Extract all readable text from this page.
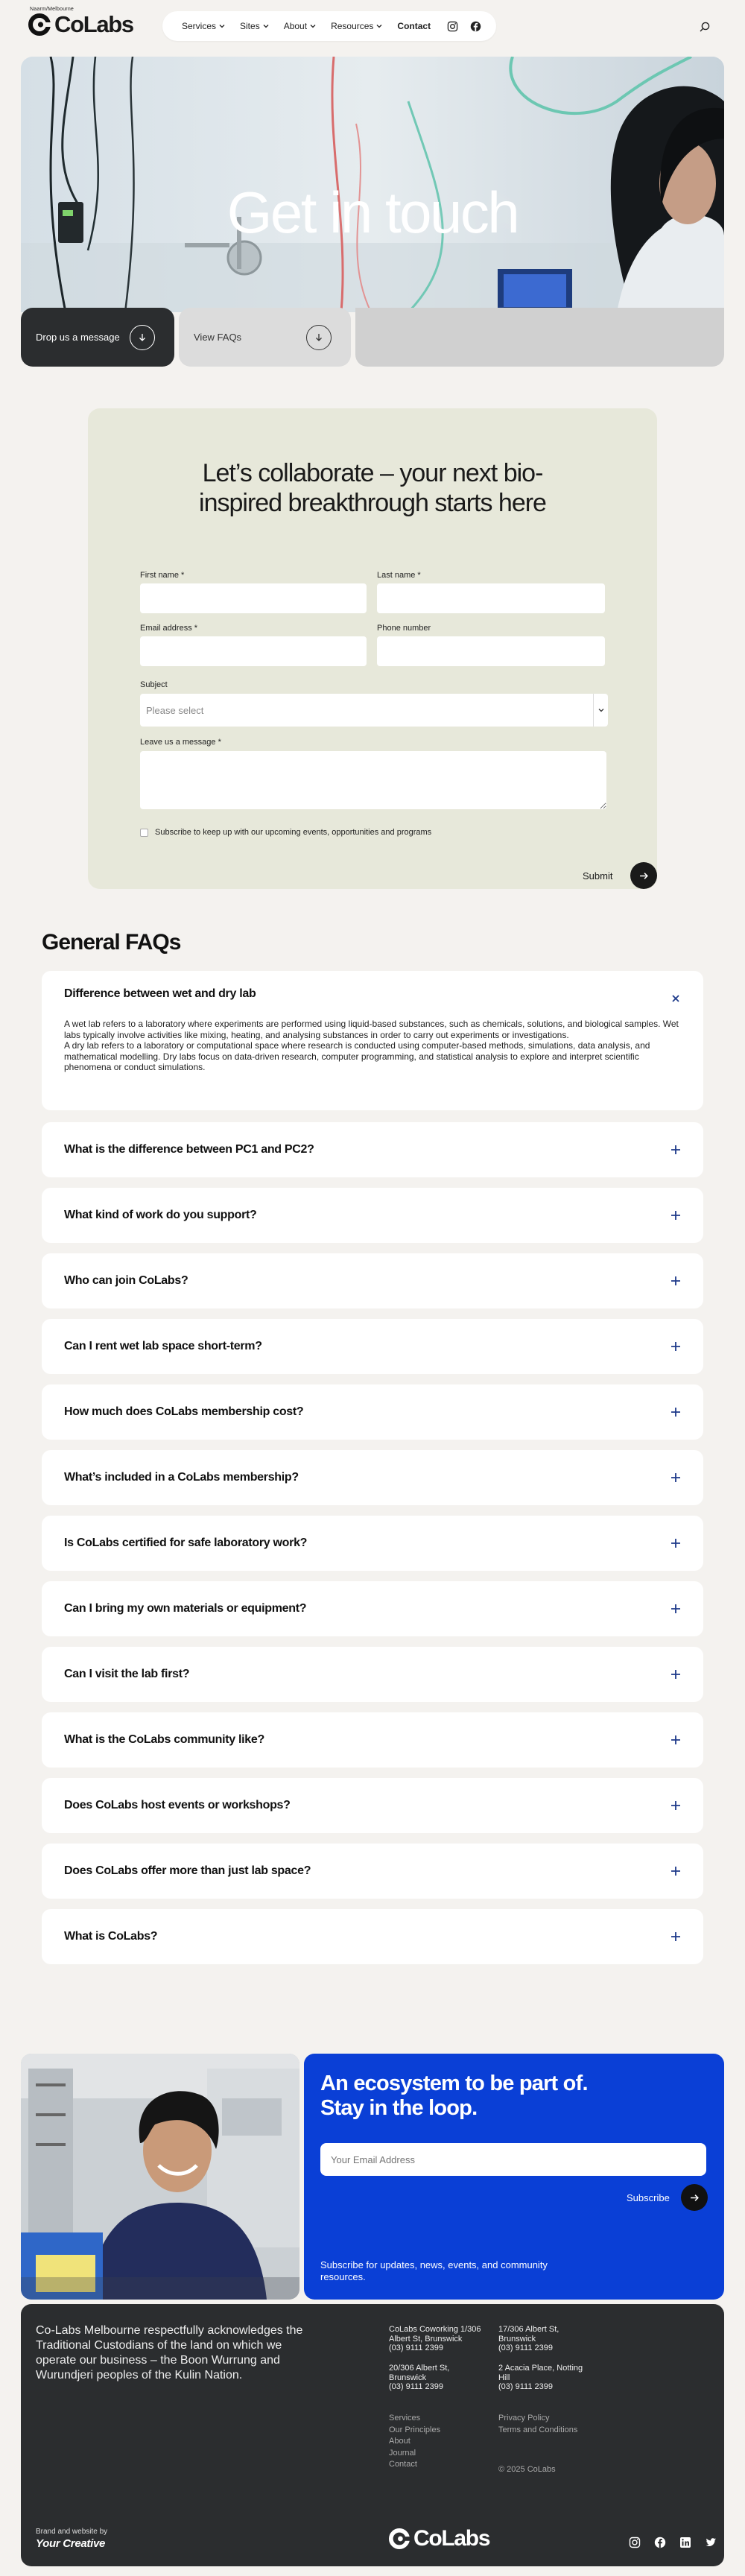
Naarm/Melbourne
CoLabs	Services	Sites	About	Resources	Contact
Get in touch
Drop us a message	View FAQs
Let’s collaborate – your next bio-
inspired breakthrough starts here
First name *	Last name *
Email address *	Phone number
Subject
Please select
Leave us a message *
Subscribe to keep up with our upcoming events, opportunities and programs
Submit
General FAQs
Difference between wet and dry lab
A wet lab refers to a laboratory where experiments are performed using liquid-based substances, such as chemicals, solutions, and biological samples. Wet labs typically involve activities like mixing, heating, and analysing substances in order to carry out experiments or investigations.
A dry lab refers to a laboratory or computational space where research is conducted using computer-based methods, simulations, data analysis, and mathematical modelling. Dry labs focus on data-driven research, computer programming, and statistical analysis to explore and interpret scientific phenomena or conduct simulations.
What is the difference between PC1 and PC2?
What kind of work do you support?
Who can join CoLabs?
Can I rent wet lab space short-term?
How much does CoLabs membership cost?
What’s included in a CoLabs membership?
Is CoLabs certified for safe laboratory work?
Can I bring my own materials or equipment?
Can I visit the lab first?
What is the CoLabs community like?
Does CoLabs host events or workshops?
Does CoLabs offer more than just lab space?
What is CoLabs?
An ecosystem to be part of.
Stay in the loop.
Your Email Address
Subscribe
Subscribe for updates, news, events, and community resources.
Co-Labs Melbourne respectfully acknowledges the Traditional Custodians of the land on which we operate our business – the Boon Wurrung and Wurundjeri peoples of the Kulin Nation.
CoLabs Coworking 1/306
Albert St, Brunswick
(03) 9111 2399
17/306 Albert St,
Brunswick
(03) 9111 2399
20/306 Albert St,
Brunswick
(03) 9111 2399
2 Acacia Place, Notting
Hill
(03) 9111 2399
Services
Our Principles
About
Journal
Contact
Privacy Policy
Terms and Conditions
© 2025 CoLabs
Brand and website by
Your Creative	CoLabs
